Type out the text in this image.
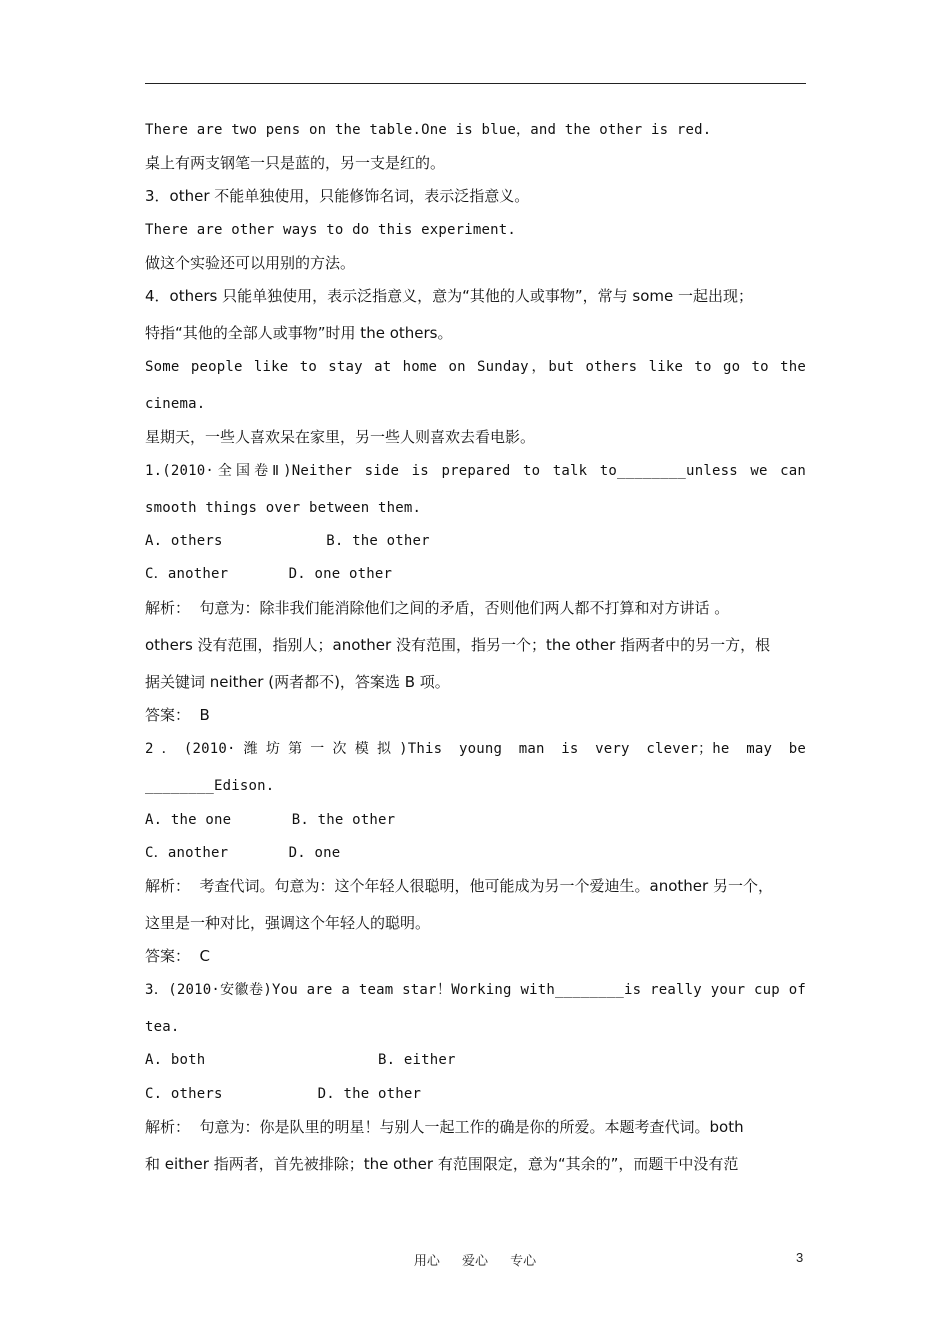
There are two pens on the table.One is blue，and the other is red.

桌上有两支钢笔一只是蓝的，另一支是红的。

3．other 不能单独使用，只能修饰名词，表示泛指意义。

There are other ways to do this experiment.

做这个实验还可以用别的方法。

4．others 只能单独使用，表示泛指意义，意为“其他的人或事物”，常与 some 一起出现；

特指“其他的全部人或事物”时用 the others。

Some people like to stay at home on Sunday，but others like to go to the

cinema.

星期天，一些人喜欢呆在家里，另一些人则喜欢去看电影。

1.(2010·全国卷Ⅱ)Neither side is prepared to talk to________unless we can

smooth things over between them.

A. others            B. the other

C．another       D. one other

解析：  句意为：除非我们能消除他们之间的矛盾，否则他们两人都不打算和对方讲话 。

others 没有范围，指别人；another 没有范围，指另一个；the other 指两者中的另一方，根

据关键词 neither (两者都不)，答案选 B 项。

答案：  B

2．(2010·潍坊第一次模拟)This young man is very clever；he may be

________Edison.

A. the one       B. the other

C．another       D. one

解析：  考查代词。句意为：这个年轻人很聪明，他可能成为另一个爱迪生。another 另一个，

这里是一种对比，强调这个年轻人的聪明。

答案：  C

3．(2010·安徽卷)You are a team star！Working with________is really your cup of

tea.

A. both                    B. either

C. others           D. the other

解析：  句意为：你是队里的明星！与别人一起工作的确是你的所爱。本题考查代词。both

和 either 指两者，首先被排除；the other 有范围限定，意为“其余的”，而题干中没有范

用心 爱心 专心	3
